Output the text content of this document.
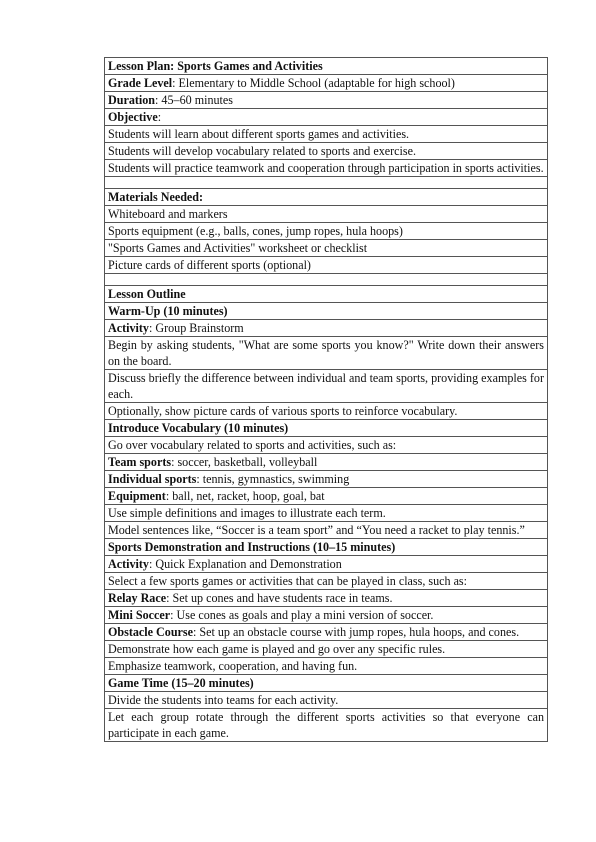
Lesson Plan: Sports Games and Activities
Grade Level: Elementary to Middle School (adaptable for high school)
Duration: 45–60 minutes
Objective:
Students will learn about different sports games and activities.
Students will develop vocabulary related to sports and exercise.
Students will practice teamwork and cooperation through participation in sports activities.

Materials Needed:
Whiteboard and markers
Sports equipment (e.g., balls, cones, jump ropes, hula hoops)
"Sports Games and Activities" worksheet or checklist
Picture cards of different sports (optional)

Lesson Outline
Warm-Up (10 minutes)
Activity: Group Brainstorm
Begin by asking students, "What are some sports you know?" Write down their answers on the board.
Discuss briefly the difference between individual and team sports, providing examples for each.
Optionally, show picture cards of various sports to reinforce vocabulary.
Introduce Vocabulary (10 minutes)
Go over vocabulary related to sports and activities, such as:
Team sports: soccer, basketball, volleyball
Individual sports: tennis, gymnastics, swimming
Equipment: ball, net, racket, hoop, goal, bat
Use simple definitions and images to illustrate each term.
Model sentences like, “Soccer is a team sport” and “You need a racket to play tennis.”
Sports Demonstration and Instructions (10–15 minutes)
Activity: Quick Explanation and Demonstration
Select a few sports games or activities that can be played in class, such as:
Relay Race: Set up cones and have students race in teams.
Mini Soccer: Use cones as goals and play a mini version of soccer.
Obstacle Course: Set up an obstacle course with jump ropes, hula hoops, and cones.
Demonstrate how each game is played and go over any specific rules.
Emphasize teamwork, cooperation, and having fun.
Game Time (15–20 minutes)
Divide the students into teams for each activity.
Let each group rotate through the different sports activities so that everyone can participate in each game.
